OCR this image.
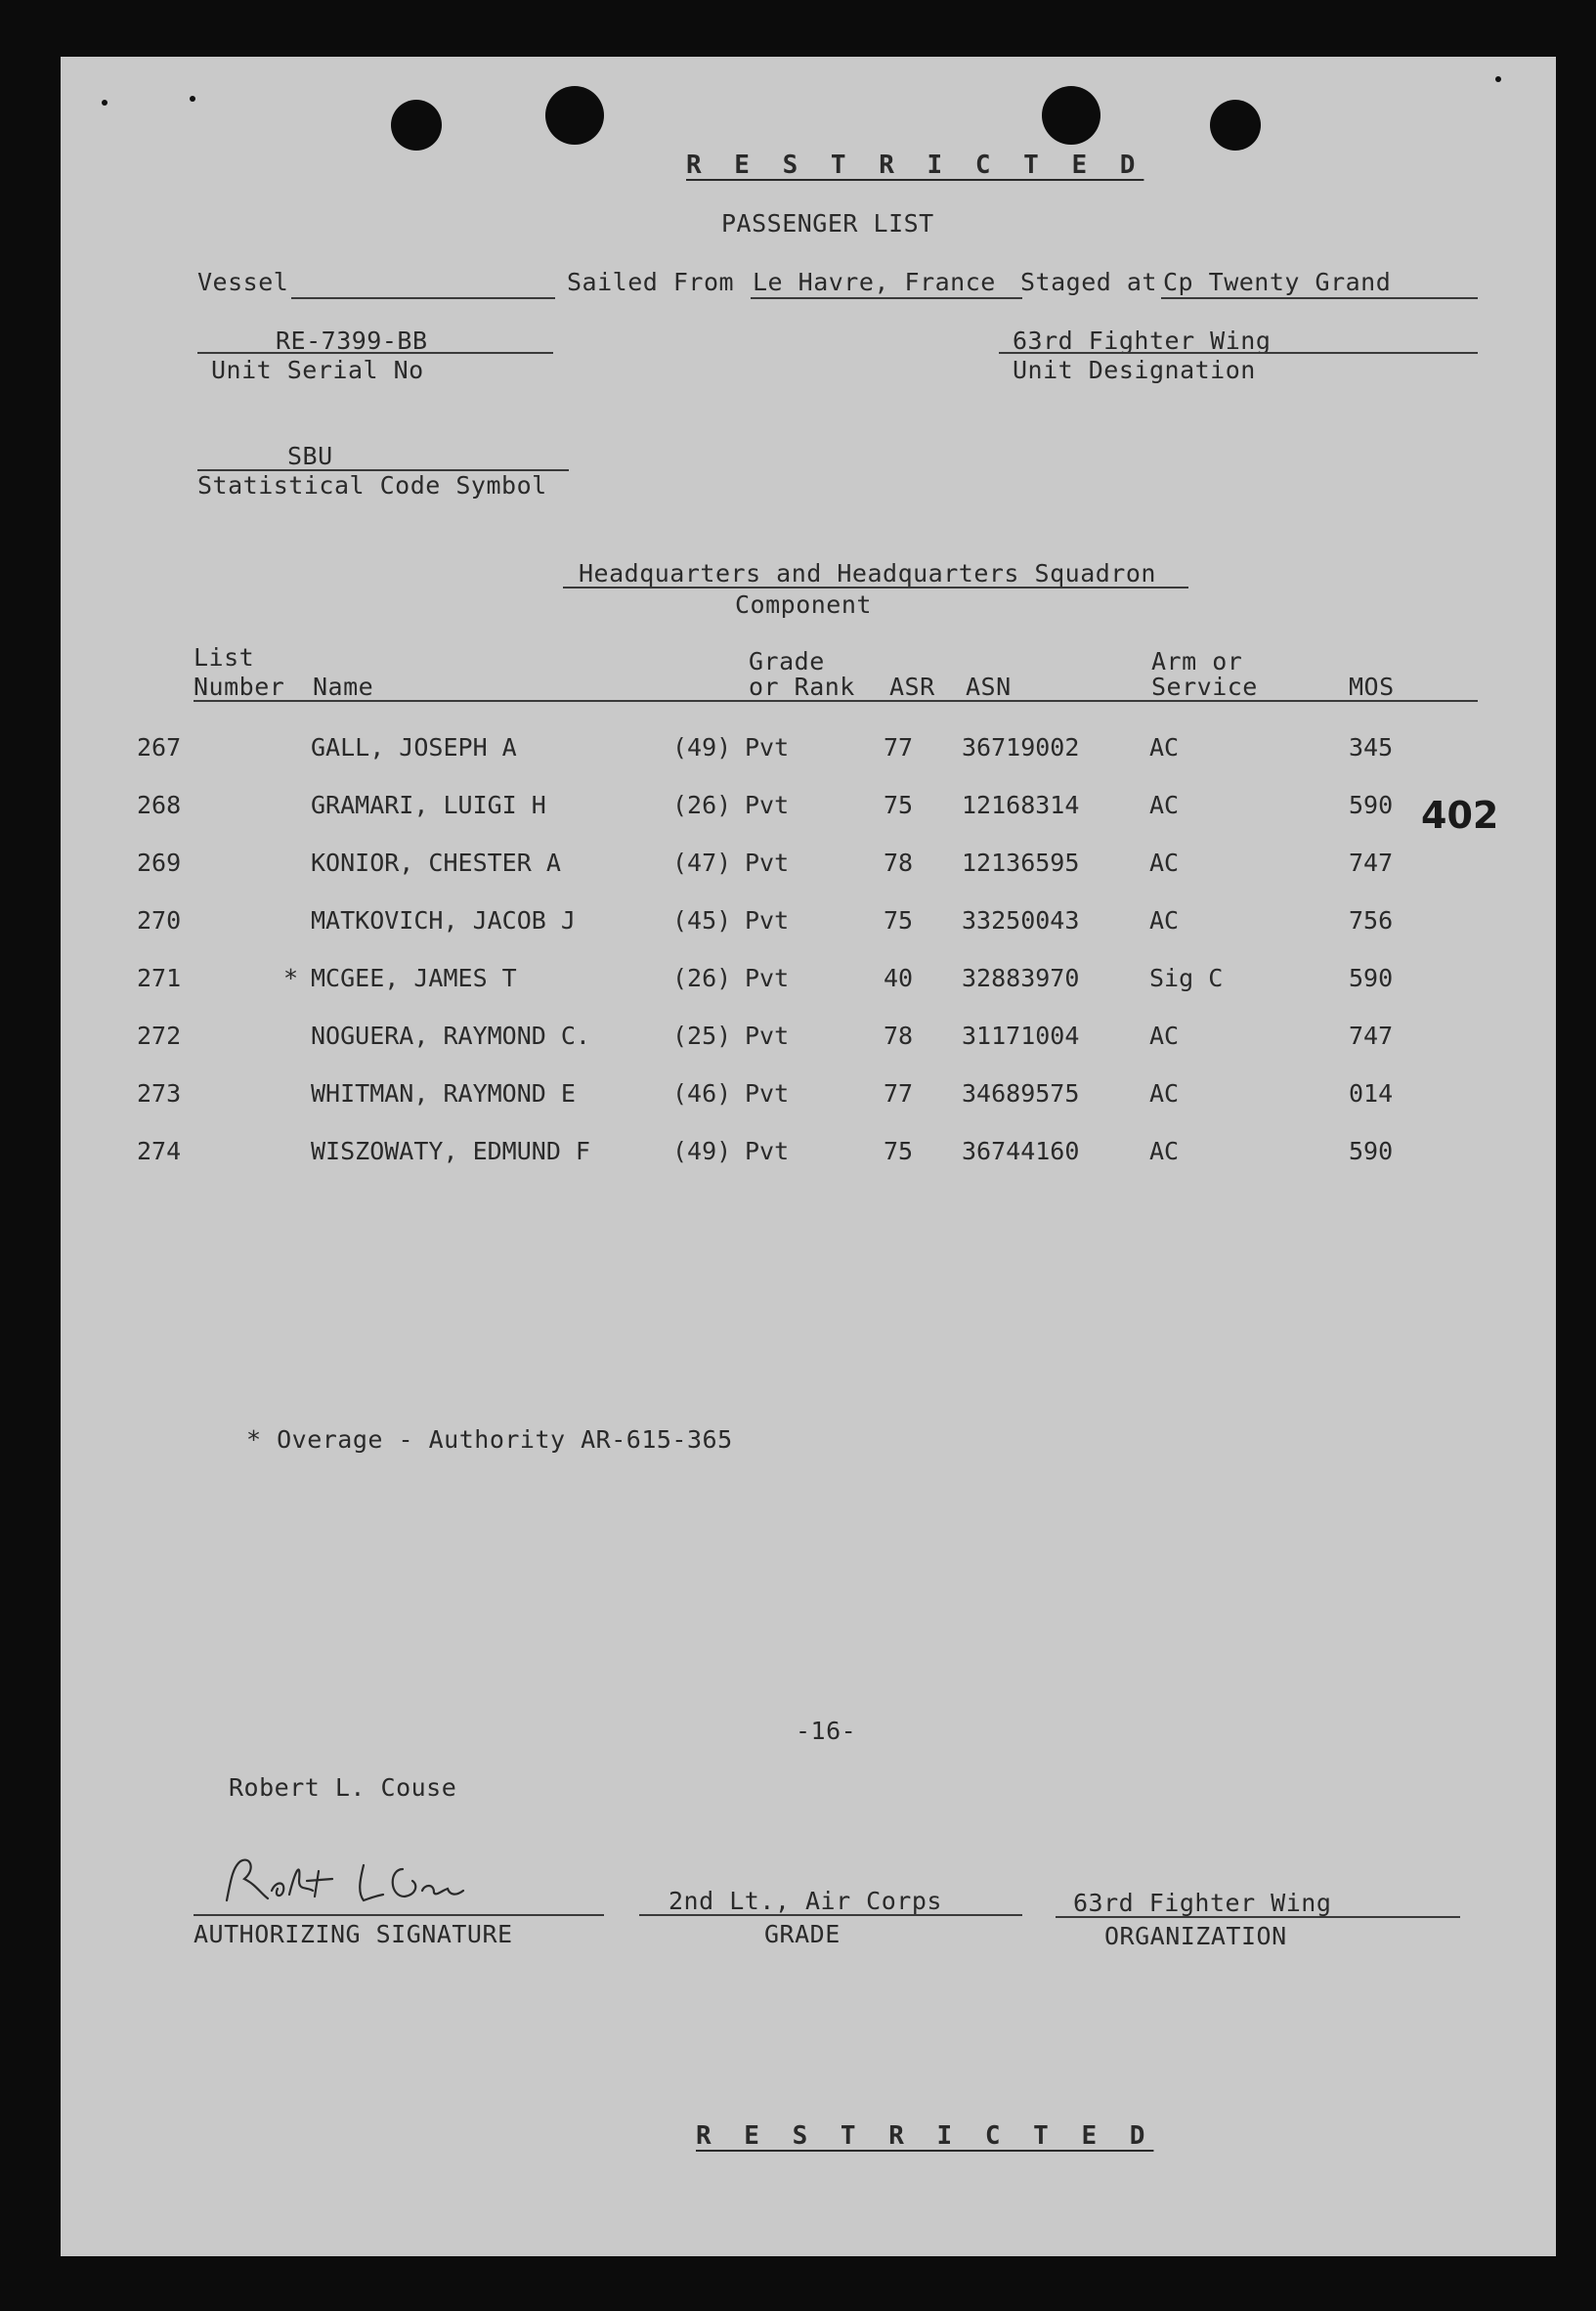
R E S T R I C T E D
PASSENGER LIST
Vessel	Sailed From Le Havre, France Staged at Cp Twenty Grand
RE-7399-BB
Unit Serial No
63rd Fighter Wing
Unit Designation
SBU
Statistical Code Symbol
Headquarters and Headquarters Squadron
Component
List
Number Name
Grade
or Rank ASR ASN
Arm or
Service	MOS
267	GALL, JOSEPH A	(49) Pvt	77 36719002	AC	345
268	GRAMARI, LUIGI H	(26) Pvt	75 12168314	AC	590
269	KONIOR, CHESTER A	(47) Pvt	78 12136595	AC	747
270	MATKOVICH, JACOB J	(45) Pvt	75 33250043	AC	756
271	* MCGEE, JAMES T	(26) Pvt	40 32883970	Sig C	590
272	NOGUERA, RAYMOND C.	(25) Pvt	78 31171004	AC	747
273	WHITMAN, RAYMOND E	(46) Pvt	77 34689575	AC	014
274	WISZOWATY, EDMUND F	(49) Pvt	75 36744160	AC	590
402
* Overage - Authority AR-615-365
-16-
Robert L. Couse
AUTHORIZING SIGNATURE
2nd Lt., Air Corps
GRADE
63rd Fighter Wing
ORGANIZATION
R E S T R I C T E D
